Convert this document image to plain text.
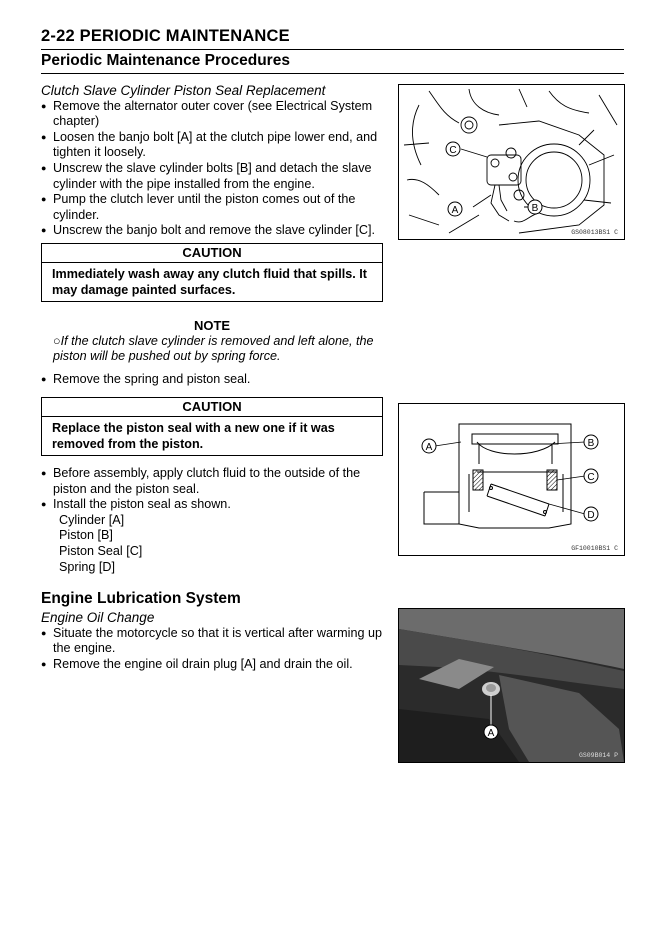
2-22 PERIODIC MAINTENANCE
Periodic Maintenance Procedures
Clutch Slave Cylinder Piston Seal Replacement
● Remove the alternator outer cover (see Electrical System chapter)
● Loosen the banjo bolt [A] at the clutch pipe lower end, and tighten it loosely.
● Unscrew the slave cylinder bolts [B] and detach the slave cylinder with the pipe installed from the engine.
● Pump the clutch lever until the piston comes out of the cylinder.
● Unscrew the banjo bolt and remove the slave cylinder [C].
CAUTION
Immediately wash away any clutch fluid that spills. It may damage painted surfaces.
NOTE
○If the clutch slave cylinder is removed and left alone, the piston will be pushed out by spring force.
● Remove the spring and piston seal.
CAUTION
Replace the piston seal with a new one if it was removed from the piston.
● Before assembly, apply clutch fluid to the outside of the piston and the piston seal.
● Install the piston seal as shown.
Cylinder [A]
Piston [B]
Piston Seal [C]
Spring [D]
Engine Lubrication System
Engine Oil Change
● Situate the motorcycle so that it is vertical after warming up the engine.
● Remove the engine oil drain plug [A] and drain the oil.
C
A	B
GS08013BS1 C
A	B
C
D
GF10010BS1 C
A
GS09B014 P
